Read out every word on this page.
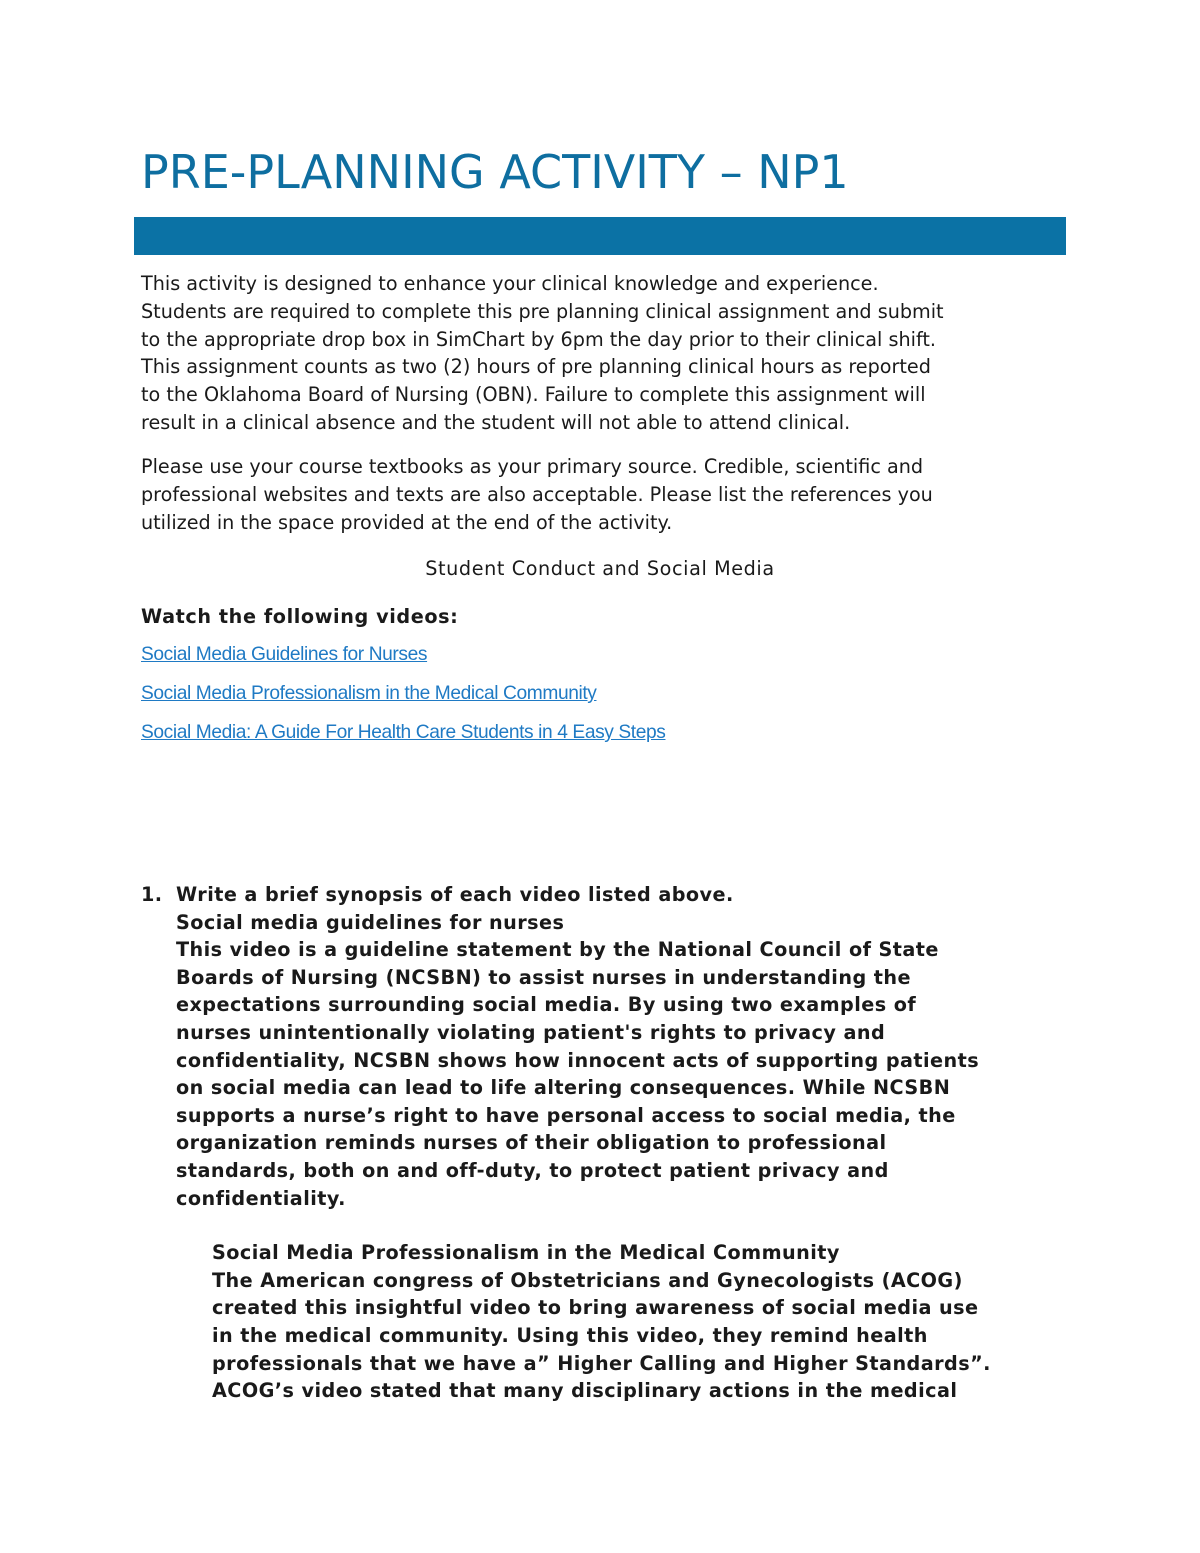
PRE-PLANNING ACTIVITY – NP1

This activity is designed to enhance your clinical knowledge and experience.
Students are required to complete this pre planning clinical assignment and submit
to the appropriate drop box in SimChart by 6pm the day prior to their clinical shift.
This assignment counts as two (2) hours of pre planning clinical hours as reported
to the Oklahoma Board of Nursing (OBN). Failure to complete this assignment will
result in a clinical absence and the student will not able to attend clinical.

Please use your course textbooks as your primary source. Credible, scientific and
professional websites and texts are also acceptable. Please list the references you
utilized in the space provided at the end of the activity.

Student Conduct and Social Media
Watch the following videos:
Social Media Guidelines for Nurses
Social Media Professionalism in the Medical Community
Social Media: A Guide For Health Care Students in 4 Easy Steps
1. Write a brief synopsis of each video listed above.
Social media guidelines for nurses
This video is a guideline statement by the National Council of State
Boards of Nursing (NCSBN) to assist nurses in understanding the
expectations surrounding social media. By using two examples of
nurses unintentionally violating patient's rights to privacy and
confidentiality, NCSBN shows how innocent acts of supporting patients
on social media can lead to life altering consequences. While NCSBN
supports a nurse’s right to have personal access to social media, the
organization reminds nurses of their obligation to professional
standards, both on and off-duty, to protect patient privacy and
confidentiality.
Social Media Professionalism in the Medical Community
The American congress of Obstetricians and Gynecologists (ACOG)
created this insightful video to bring awareness of social media use
in the medical community. Using this video, they remind health
professionals that we have a” Higher Calling and Higher Standards”.
ACOG’s video stated that many disciplinary actions in the medical
